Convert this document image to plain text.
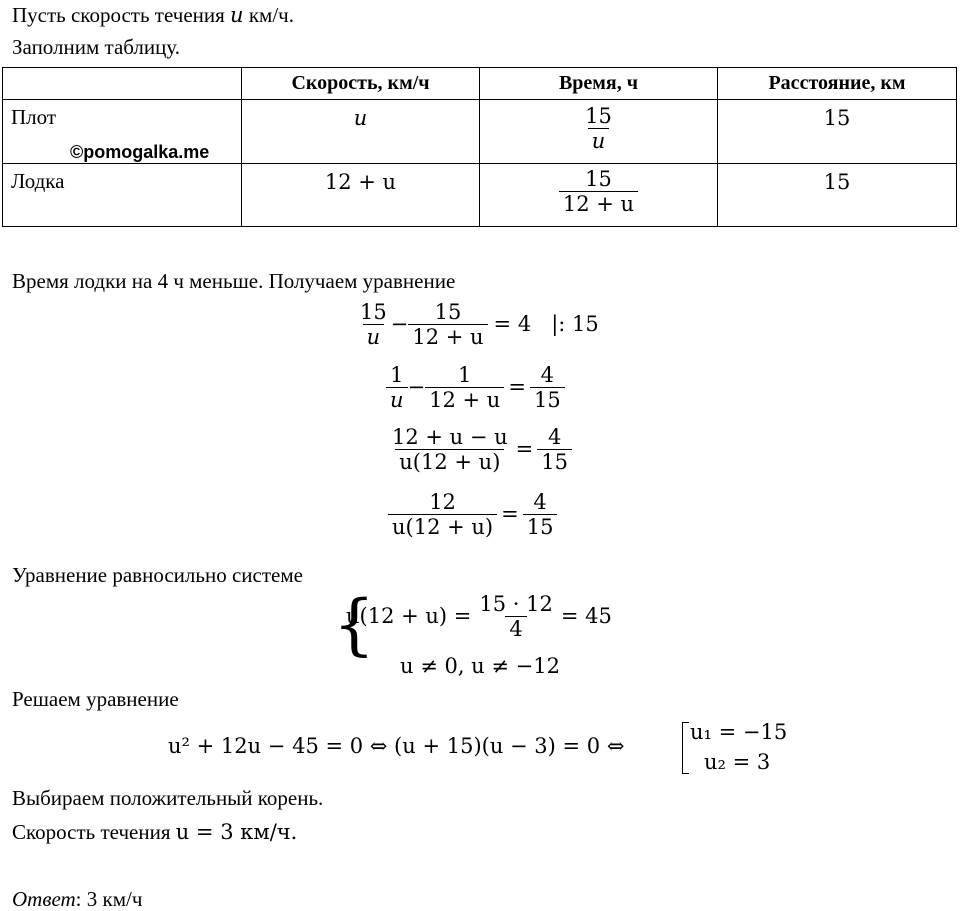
Пусть скорость течения u км/ч.
Заполним таблицу.
	Скорость, км/ч	Время, ч	Расстояние, км

Плот	u	$\frac{15}{u}$	15

Лодка	12 + u	$\frac{15}{12 + u}$	15
©pomogalka.me
Время лодки на 4 ч меньше. Получаем уравнение
$\frac{15}{u} - \frac{15}{12 + u} = 4$ |: 15
$\frac{1}{u} - \frac{1}{12 + u} = \frac{4}{15}$
$\frac{12 + u - u}{u(12 + u)} = \frac{4}{15}$
$\frac{12}{u(12 + u)} = \frac{4}{15}$
Уравнение равносильно системе
{
$u(12 + u) = \frac{15 \cdot 12}{4} = 45$
u ≠ 0, u ≠ −12
Решаем уравнение
u² + 12u − 45 = 0 ⇔ (u + 15)(u − 3) = 0 ⇔
u₁ = −15
u₂ = 3
Выбираем положительный корень.
Скорость течения u = 3 км/ч.
Ответ: 3 км/ч
